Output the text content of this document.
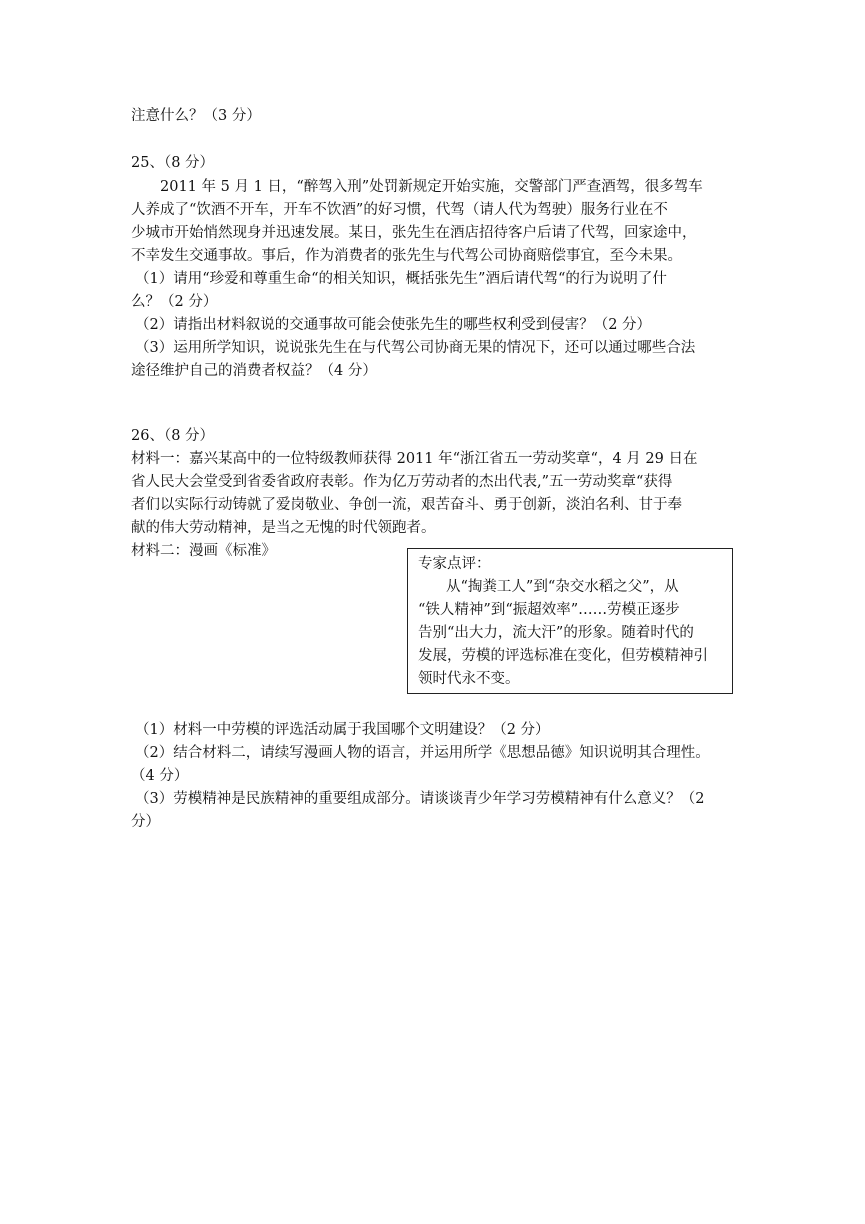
注意什么？（3 分）
25、（8 分）
2011 年 5 月 1 日，“醉驾入刑”处罚新规定开始实施，交警部门严查酒驾，很多驾车
人养成了“饮酒不开车，开车不饮酒”的好习惯，代驾（请人代为驾驶）服务行业在不
少城市开始悄然现身并迅速发展。某日，张先生在酒店招待客户后请了代驾，回家途中，
不幸发生交通事故。事后，作为消费者的张先生与代驾公司协商赔偿事宜，至今未果。
（1）请用“珍爱和尊重生命“的相关知识，概括张先生”酒后请代驾“的行为说明了什
么？（2 分）
（2）请指出材料叙说的交通事故可能会使张先生的哪些权利受到侵害？（2 分）
（3）运用所学知识，说说张先生在与代驾公司协商无果的情况下，还可以通过哪些合法
途径维护自己的消费者权益？（4 分）
26、（8 分）
材料一：嘉兴某高中的一位特级教师获得 2011 年“浙江省五一劳动奖章“，4 月 29 日在
省人民大会堂受到省委省政府表彰。作为亿万劳动者的杰出代表,”五一劳动奖章“获得
者们以实际行动铸就了爱岗敬业、争创一流，艰苦奋斗、勇于创新，淡泊名利、甘于奉
献的伟大劳动精神，是当之无愧的时代领跑者。
材料二：漫画《标准》
专家点评：
从“掏粪工人”到“杂交水稻之父”，从
“铁人精神”到“振超效率”……劳模正逐步
告别“出大力，流大汗”的形象。随着时代的
发展，劳模的评选标准在变化，但劳模精神引
领时代永不变。
（1）材料一中劳模的评选活动属于我国哪个文明建设？（2 分）
（2）结合材料二，请续写漫画人物的语言，并运用所学《思想品德》知识说明其合理性。
（4 分）
（3）劳模精神是民族精神的重要组成部分。请谈谈青少年学习劳模精神有什么意义？（2
分）
